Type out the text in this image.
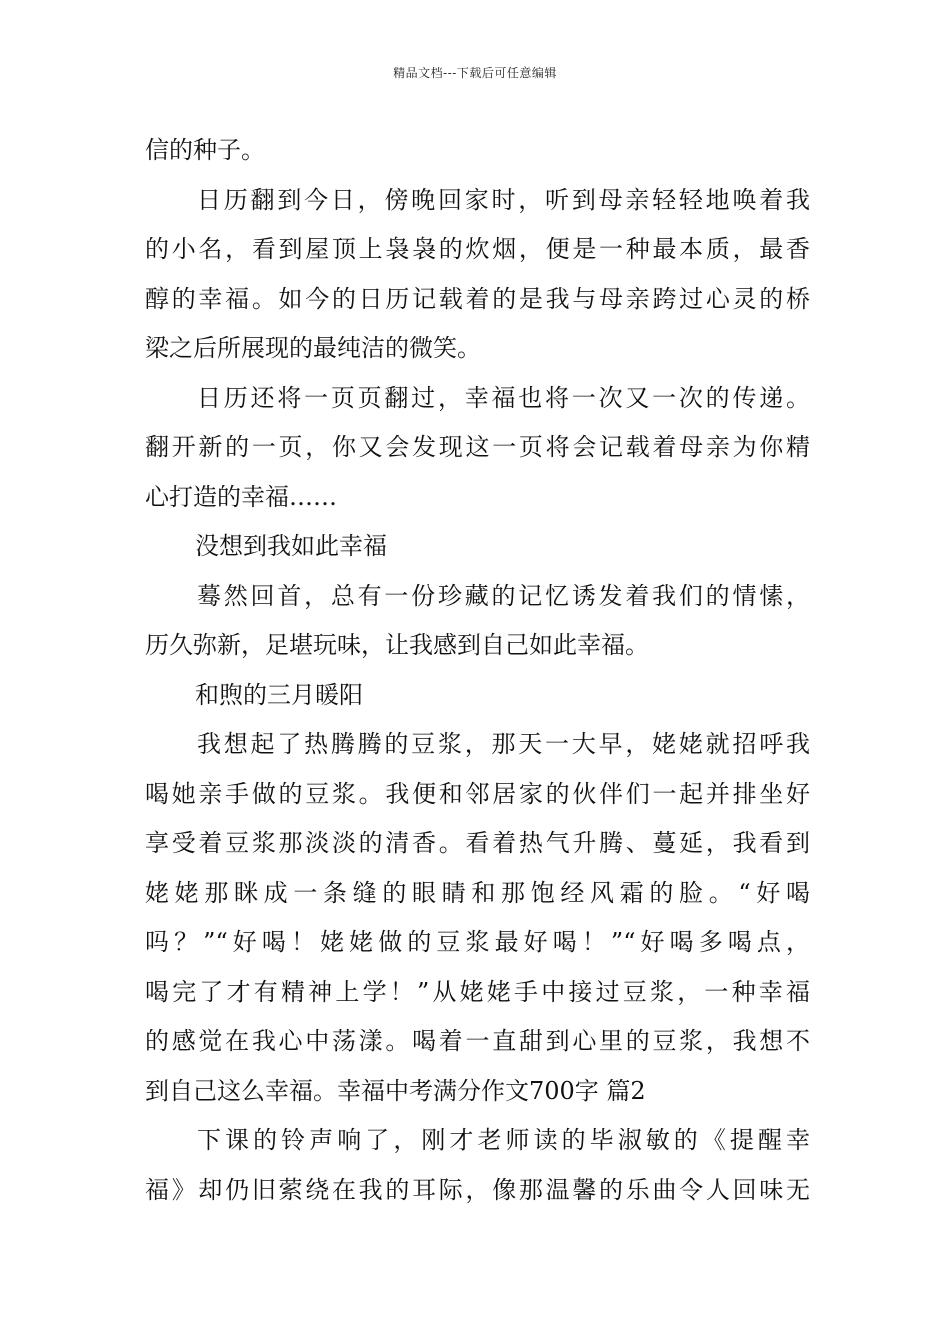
精品文档---下载后可任意编辑
信的种子。
日历翻到今日，傍晚回家时，听到母亲轻轻地唤着我
的小名，看到屋顶上袅袅的炊烟，便是一种最本质，最香
醇的幸福。如今的日历记载着的是我与母亲跨过心灵的桥
梁之后所展现的最纯洁的微笑。
日历还将一页页翻过，幸福也将一次又一次的传递。
翻开新的一页，你又会发现这一页将会记载着母亲为你精
心打造的幸福……
没想到我如此幸福
蓦然回首，总有一份珍藏的记忆诱发着我们的情愫，
历久弥新，足堪玩味，让我感到自己如此幸福。
和煦的三月暖阳
我想起了热腾腾的豆浆，那天一大早，姥姥就招呼我
喝她亲手做的豆浆。我便和邻居家的伙伴们一起并排坐好
享受着豆浆那淡淡的清香。看着热气升腾、蔓延，我看到
姥姥那眯成一条缝的眼睛和那饱经风霜的脸。“好喝
吗？”“好喝！姥姥做的豆浆最好喝！”“好喝多喝点，
喝完了才有精神上学！”从姥姥手中接过豆浆，一种幸福
的感觉在我心中荡漾。喝着一直甜到心里的豆浆，我想不
到自己这么幸福。幸福中考满分作文700字 篇2
下课的铃声响了，刚才老师读的毕淑敏的《提醒幸
福》却仍旧萦绕在我的耳际，像那温馨的乐曲令人回味无
